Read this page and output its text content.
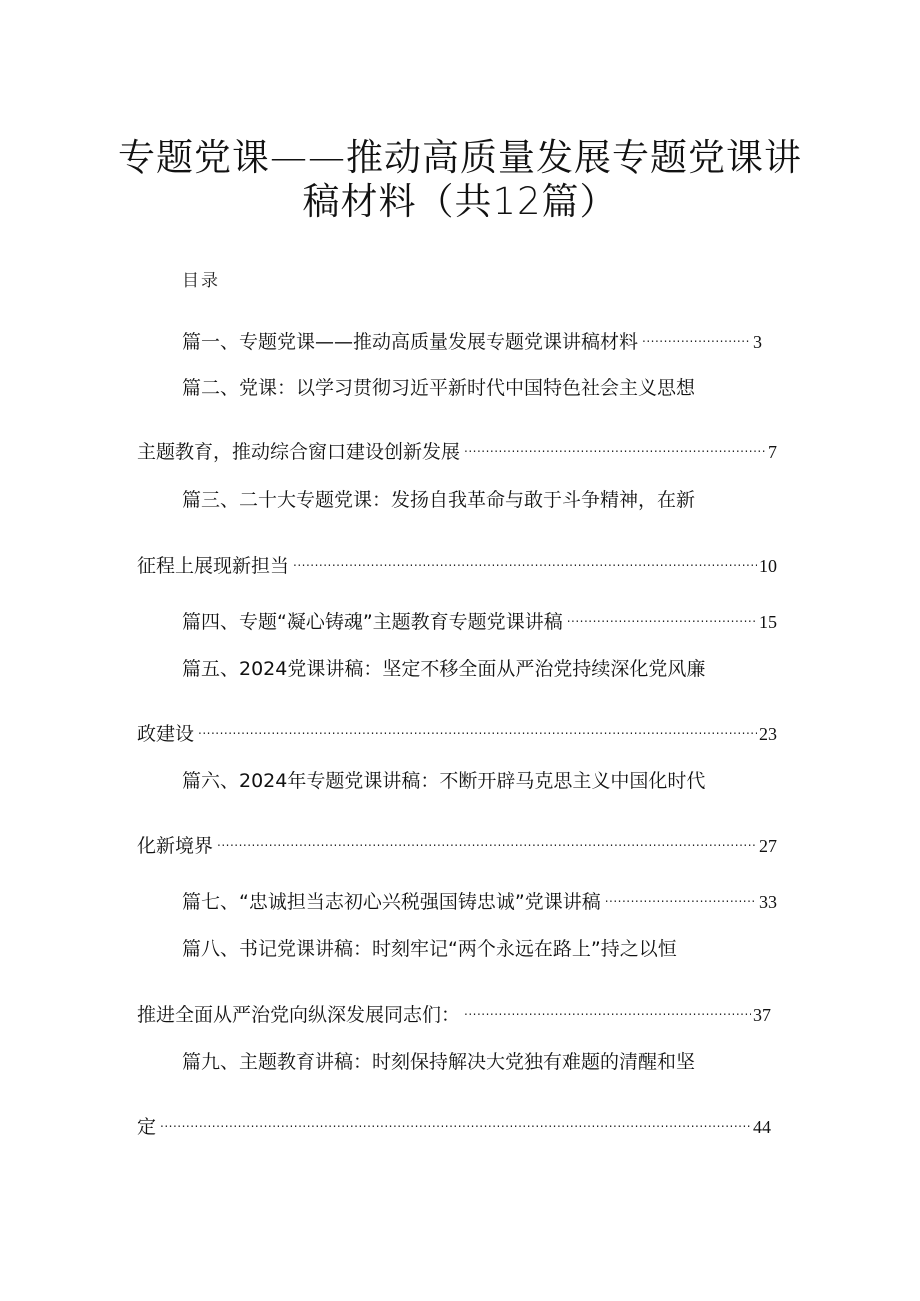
专题党课——推动高质量发展专题党课讲
稿材料（共12篇）
目录
篇一、专题党课——推动高质量发展专题党课讲稿材料 .....	3
篇二、党课：以学习贯彻习近平新时代中国特色社会主义思想
主题教育，推动综合窗口建设创新发展 .....	7
篇三、二十大专题党课：发扬自我革命与敢于斗争精神，在新
征程上展现新担当 .....	10
篇四、专题“凝心铸魂”主题教育专题党课讲稿 .....	15
篇五、2024党课讲稿：坚定不移全面从严治党持续深化党风廉
政建设 .....	23
篇六、2024年专题党课讲稿：不断开辟马克思主义中国化时代
化新境界 .....	27
篇七、“忠诚担当志初心兴税强国铸忠诚”党课讲稿 .....	33
篇八、书记党课讲稿：时刻牢记“两个永远在路上”持之以恒
推进全面从严治党向纵深发展同志们： .....	37
篇九、主题教育讲稿：时刻保持解决大党独有难题的清醒和坚
定 .....	44
